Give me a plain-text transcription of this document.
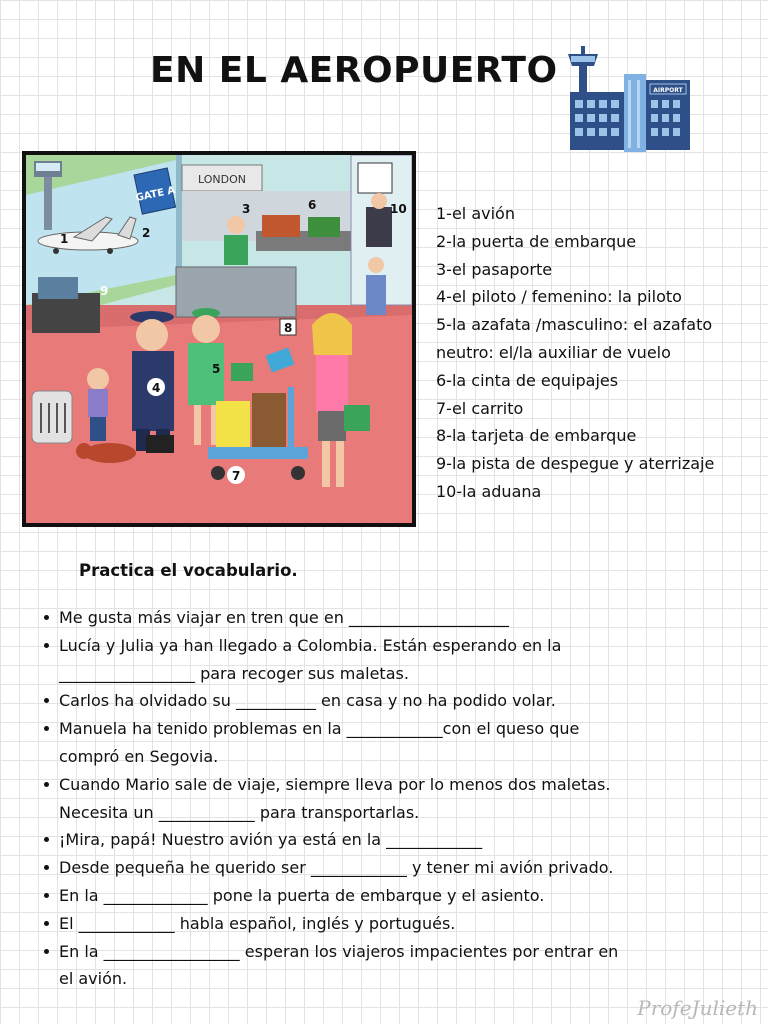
EN EL AEROPUERTO	AIRPORT
GATE A
LONDON
1	2
3
4
5
6
7
8
9
10 1-el avión
2-la puerta de embarque
3-el pasaporte
4-el piloto / femenino: la piloto
5-la azafata /masculino: el azafato
neutro: el/la auxiliar de vuelo
6-la cinta de equipajes
7-el carrito
8-la tarjeta de embarque
9-la pista de despegue y aterrizaje
10-la aduana
Practica el vocabulario.
Me gusta más viajar en tren que en ____________________
Lucía y Julia ya han llegado a Colombia. Están esperando en la
_________________ para recoger sus maletas.
Carlos ha olvidado su __________ en casa y no ha podido volar.
Manuela ha tenido problemas en la ____________con el queso que
compró en Segovia.
Cuando Mario sale de viaje, siempre lleva por lo menos dos maletas.
Necesita un ____________ para transportarlas.
¡Mira, papá! Nuestro avión ya está en la ____________
Desde pequeña he querido ser ____________ y tener mi avión privado.
En la _____________ pone la puerta de embarque y el asiento.
El ____________ habla español, inglés y portugués.
En la _________________ esperan los viajeros impacientes por entrar en
el avión.
ProfeJulieth
